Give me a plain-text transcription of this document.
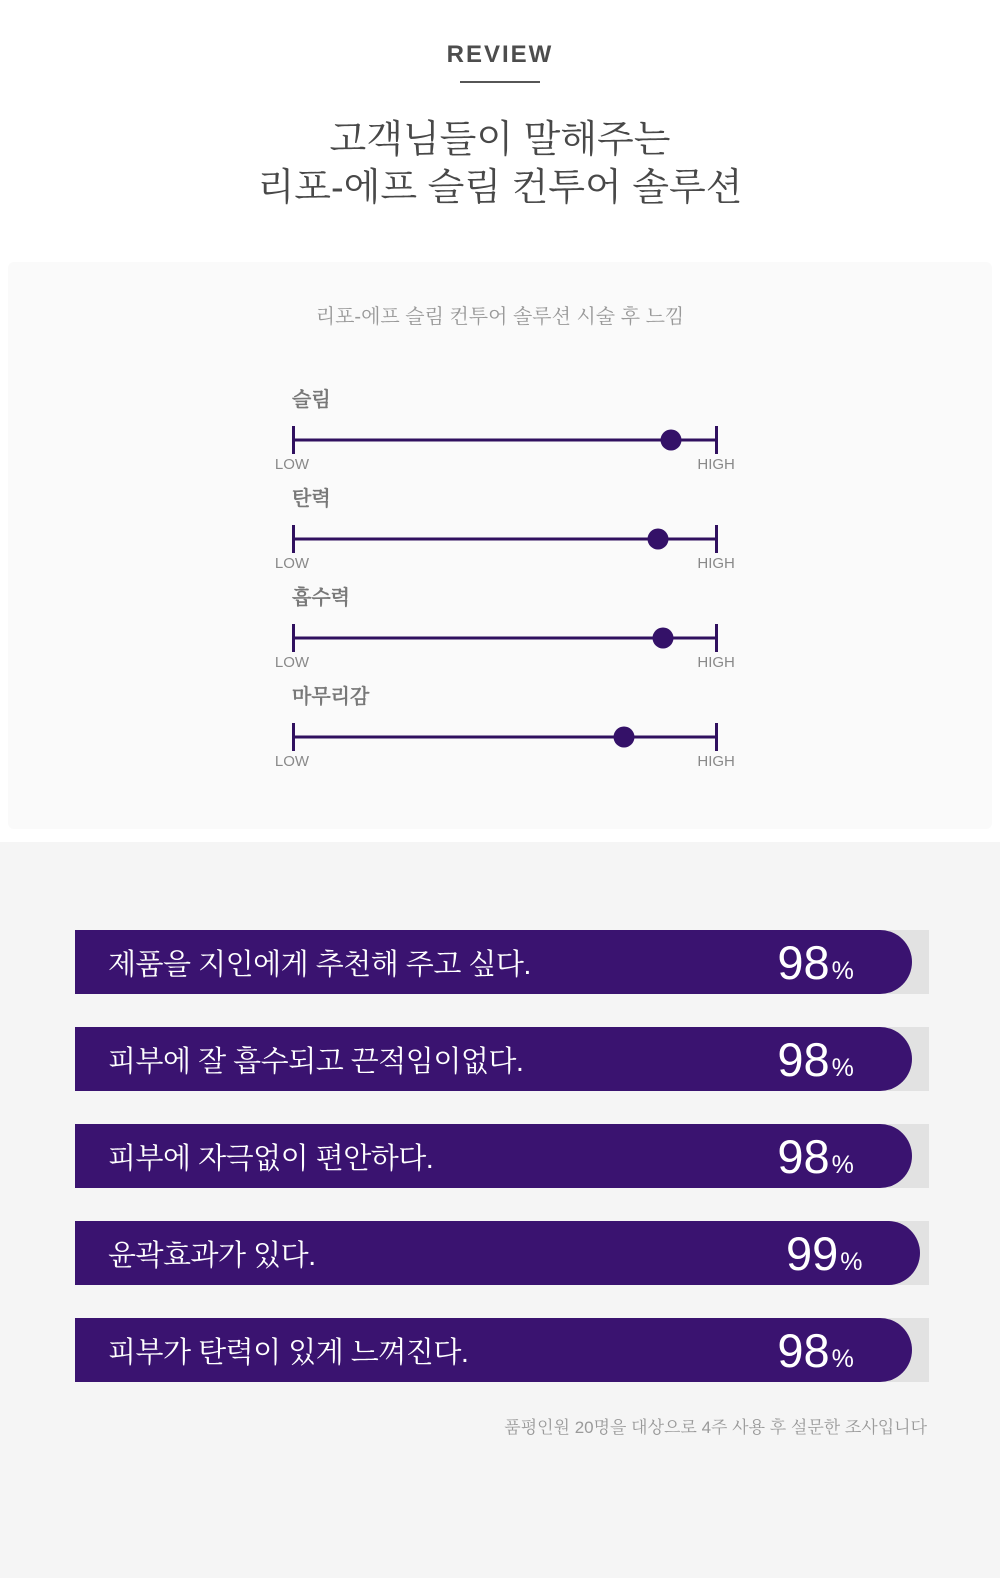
REVIEW
고객님들이 말해주는
리포-에프 슬림 컨투어 솔루션
리포-에프 슬림 컨투어 솔루션 시술 후 느낌
슬림
LOW	HIGH
탄력
LOW	HIGH
흡수력
LOW	HIGH
마무리감
LOW	HIGH
제품을 지인에게 추천해 주고 싶다.	98 %
피부에 잘 흡수되고 끈적임이없다.	98 %
피부에 자극없이 편안하다.	98 %
윤곽효과가 있다.	99 %
피부가 탄력이 있게 느껴진다.	98 %
품평인원 20명을 대상으로 4주 사용 후 설문한 조사입니다
